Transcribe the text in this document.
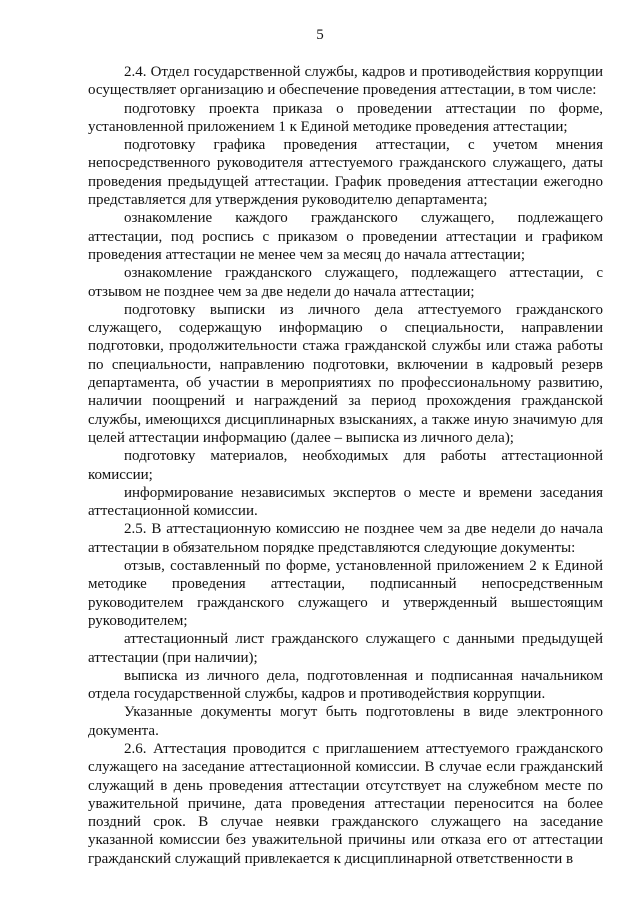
5

2.4. Отдел государственной службы, кадров и противодействия коррупции осуществляет организацию и обеспечение проведения аттестации, в том числе:

подготовку проекта приказа о проведении аттестации по форме, установленной приложением 1 к Единой методике проведения аттестации;

подготовку графика проведения аттестации, с учетом мнения непосредственного руководителя аттестуемого гражданского служащего, даты проведения предыдущей аттестации. График проведения аттестации ежегодно представляется для утверждения руководителю департамента;

ознакомление каждого гражданского служащего, подлежащего аттестации, под роспись с приказом о проведении аттестации и графиком проведения аттестации не менее чем за месяц до начала аттестации;

ознакомление гражданского служащего, подлежащего аттестации, с отзывом не позднее чем за две недели до начала аттестации;

подготовку выписки из личного дела аттестуемого гражданского служащего, содержащую информацию о специальности, направлении подготовки, продолжительности стажа гражданской службы или стажа работы по специальности, направлению подготовки, включении в кадровый резерв департамента, об участии в мероприятиях по профессиональному развитию, наличии поощрений и награждений за период прохождения гражданской службы, имеющихся дисциплинарных взысканиях, а также иную значимую для целей аттестации информацию (далее – выписка из личного дела);

подготовку материалов, необходимых для работы аттестационной комиссии;

информирование независимых экспертов о месте и времени заседания аттестационной комиссии.

2.5. В аттестационную комиссию не позднее чем за две недели до начала аттестации в обязательном порядке представляются следующие документы:

отзыв, составленный по форме, установленной приложением 2 к Единой методике проведения аттестации, подписанный непосредственным руководителем гражданского служащего и утвержденный вышестоящим руководителем;

аттестационный лист гражданского служащего с данными предыдущей аттестации (при наличии);

выписка из личного дела, подготовленная и подписанная начальником отдела государственной службы, кадров и противодействия коррупции.

Указанные документы могут быть подготовлены в виде электронного документа.

2.6. Аттестация проводится с приглашением аттестуемого гражданского служащего на заседание аттестационной комиссии. В случае если гражданский служащий в день проведения аттестации отсутствует на служебном месте по уважительной причине, дата проведения аттестации переносится на более поздний срок. В случае неявки гражданского служащего на заседание указанной комиссии без уважительной причины или отказа его от аттестации гражданский служащий привлекается к дисциплинарной ответственности в
